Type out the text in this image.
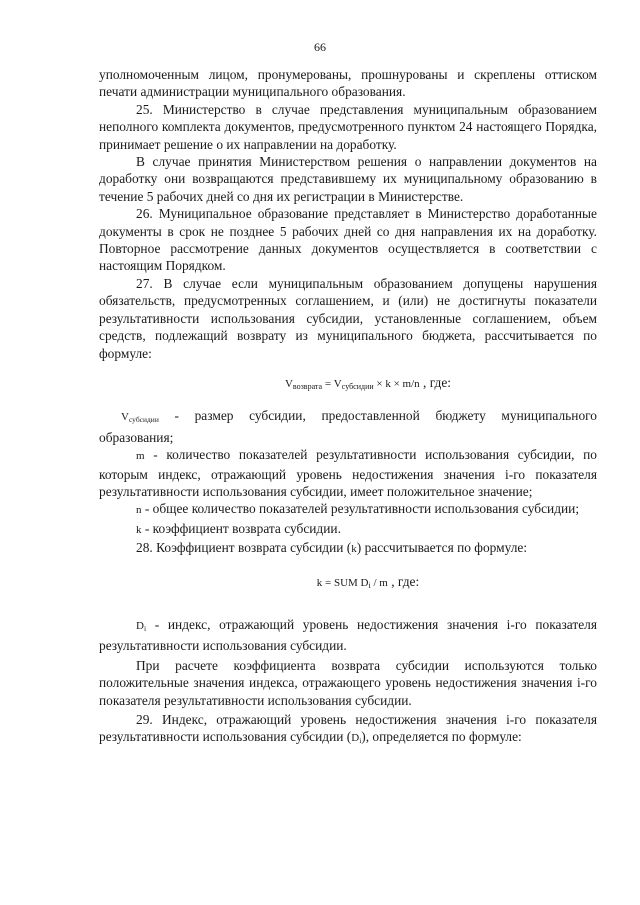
66

уполномоченным лицом, пронумерованы, прошнурованы и скреплены оттиском печати администрации муниципального образования.

25. Министерство в случае представления муниципальным образованием неполного комплекта документов, предусмотренного пунктом 24 настоящего Порядка, принимает решение о их направлении на доработку.

В случае принятия Министерством решения о направлении документов на доработку они возвращаются представившему их муниципальному образованию в течение 5 рабочих дней со дня их регистрации в Министерстве.

26. Муниципальное образование представляет в Министерство доработанные документы в срок не позднее 5 рабочих дней со дня направления их на доработку. Повторное рассмотрение данных документов осуществляется в соответствии с настоящим Порядком.

27. В случае если муниципальным образованием допущены нарушения обязательств, предусмотренных соглашением, и (или) не достигнуты показатели результативности использования субсидии, установленные соглашением, объем средств, подлежащий возврату из муниципального бюджета, рассчитывается по формуле:

$V_{возврата} = V_{субсидии} \times k \times m/n$ , где:

Vсубсидии - размер субсидии, предоставленной бюджету муниципального образования;

m - количество показателей результативности использования субсидии, по которым индекс, отражающий уровень недостижения значения i-го показателя результативности использования субсидии, имеет положительное значение;

n - общее количество показателей результативности использования субсидии;

k - коэффициент возврата субсидии.

28. Коэффициент возврата субсидии (k) рассчитывается по формуле:

k = SUM $D_i$ / m , где:

Di - индекс, отражающий уровень недостижения значения i-го показателя результативности использования субсидии.

При расчете коэффициента возврата субсидии используются только положительные значения индекса, отражающего уровень недостижения значения i-го показателя результативности использования субсидии.

29. Индекс, отражающий уровень недостижения значения i-го показателя результативности использования субсидии (Di), определяется по формуле:
